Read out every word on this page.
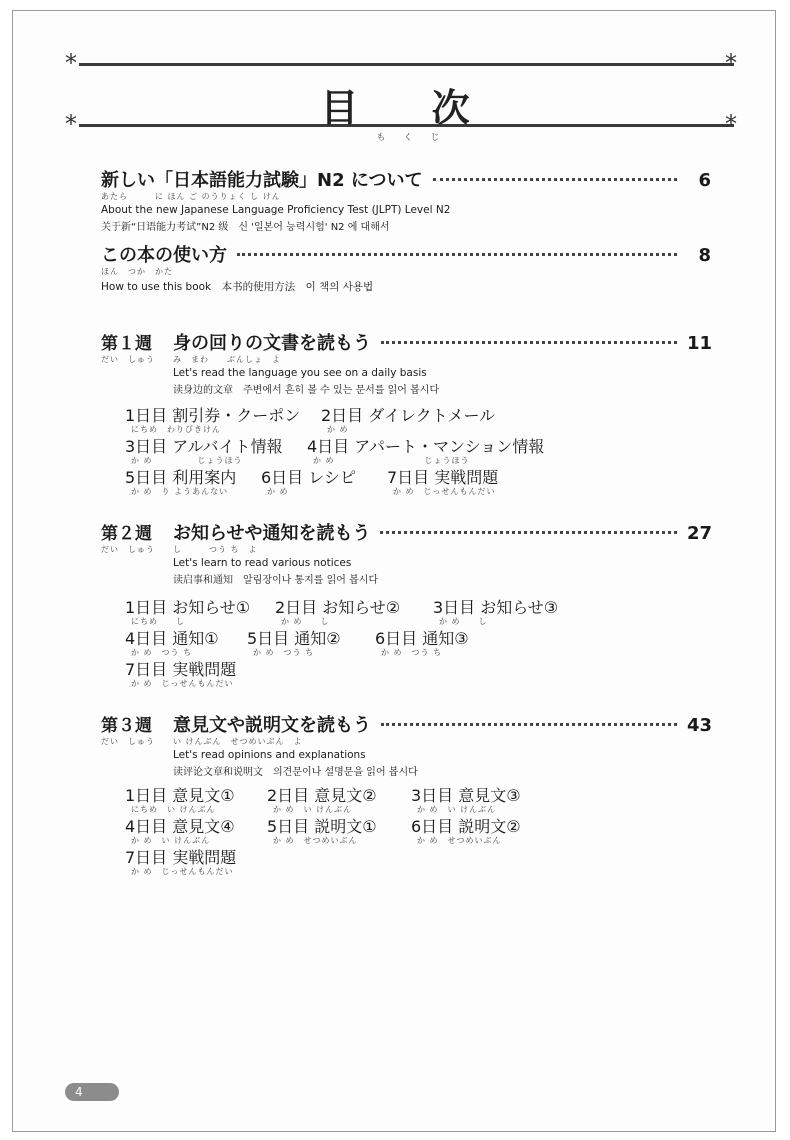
*	*
*	*
目 次
もくじ
新しい「日本語能力試験」N2 について	6
あたら　　　に ほん ご のうりょく し けん
About the new Japanese Language Proficiency Test (JLPT) Level N2
关于新“日语能力考试”N2 级　신 '일본어 능력시험' N2 에 대해서
この本の使い方	8
ほん　つか　かた
How to use this book　本书的使用方法　이 책의 사용법
第１週	身の回りの文書を読もう	11
だい　しゅう	み　まわ　　ぶんしょ　よ
Let's read the language you see on a daily basis
读身边的文章　주변에서 흔히 볼 수 있는 문서를 읽어 봅시다
1日目 割引券・クーポン
にちめ　わりびきけん
2日目 ダイレクトメール
か め
3日目 アルバイト情報
か め　　　　　じょうほう
4日目 アパート・マンション情報
か め　　　　　　　　　　じょうほう
5日目 利用案内
か め　り ようあんない
6日目 レシピ
か め
7日目 実戦問題
か め　じっせんもんだい
第２週	お知らせや通知を読もう	27
だい　しゅう	し　　　つう ち　よ
Let's learn to read various notices
读启事和通知　알림장이나 통지를 읽어 봅시다
1日目 お知らせ①
にちめ　　し
2日目 お知らせ②
か め　　し
3日目 お知らせ③
か め　　し
4日目 通知①
か め　つう ち
5日目 通知②
か め　つう ち
6日目 通知③
か め　つう ち
7日目 実戦問題
か め　じっせんもんだい
第３週	意見文や説明文を読もう	43
だい　しゅう	い けんぶん　せつめいぶん　よ
Let's read opinions and explanations
读评论文章和说明文　의견문이나 설명문을 읽어 봅시다
1日目 意見文①
にちめ　い けんぶん
2日目 意見文②
か め　い けんぶん
3日目 意見文③
か め　い けんぶん
4日目 意見文④
か め　い けんぶん
5日目 説明文①
か め　せつめいぶん
6日目 説明文②
か め　せつめいぶん
7日目 実戦問題
か め　じっせんもんだい
4
